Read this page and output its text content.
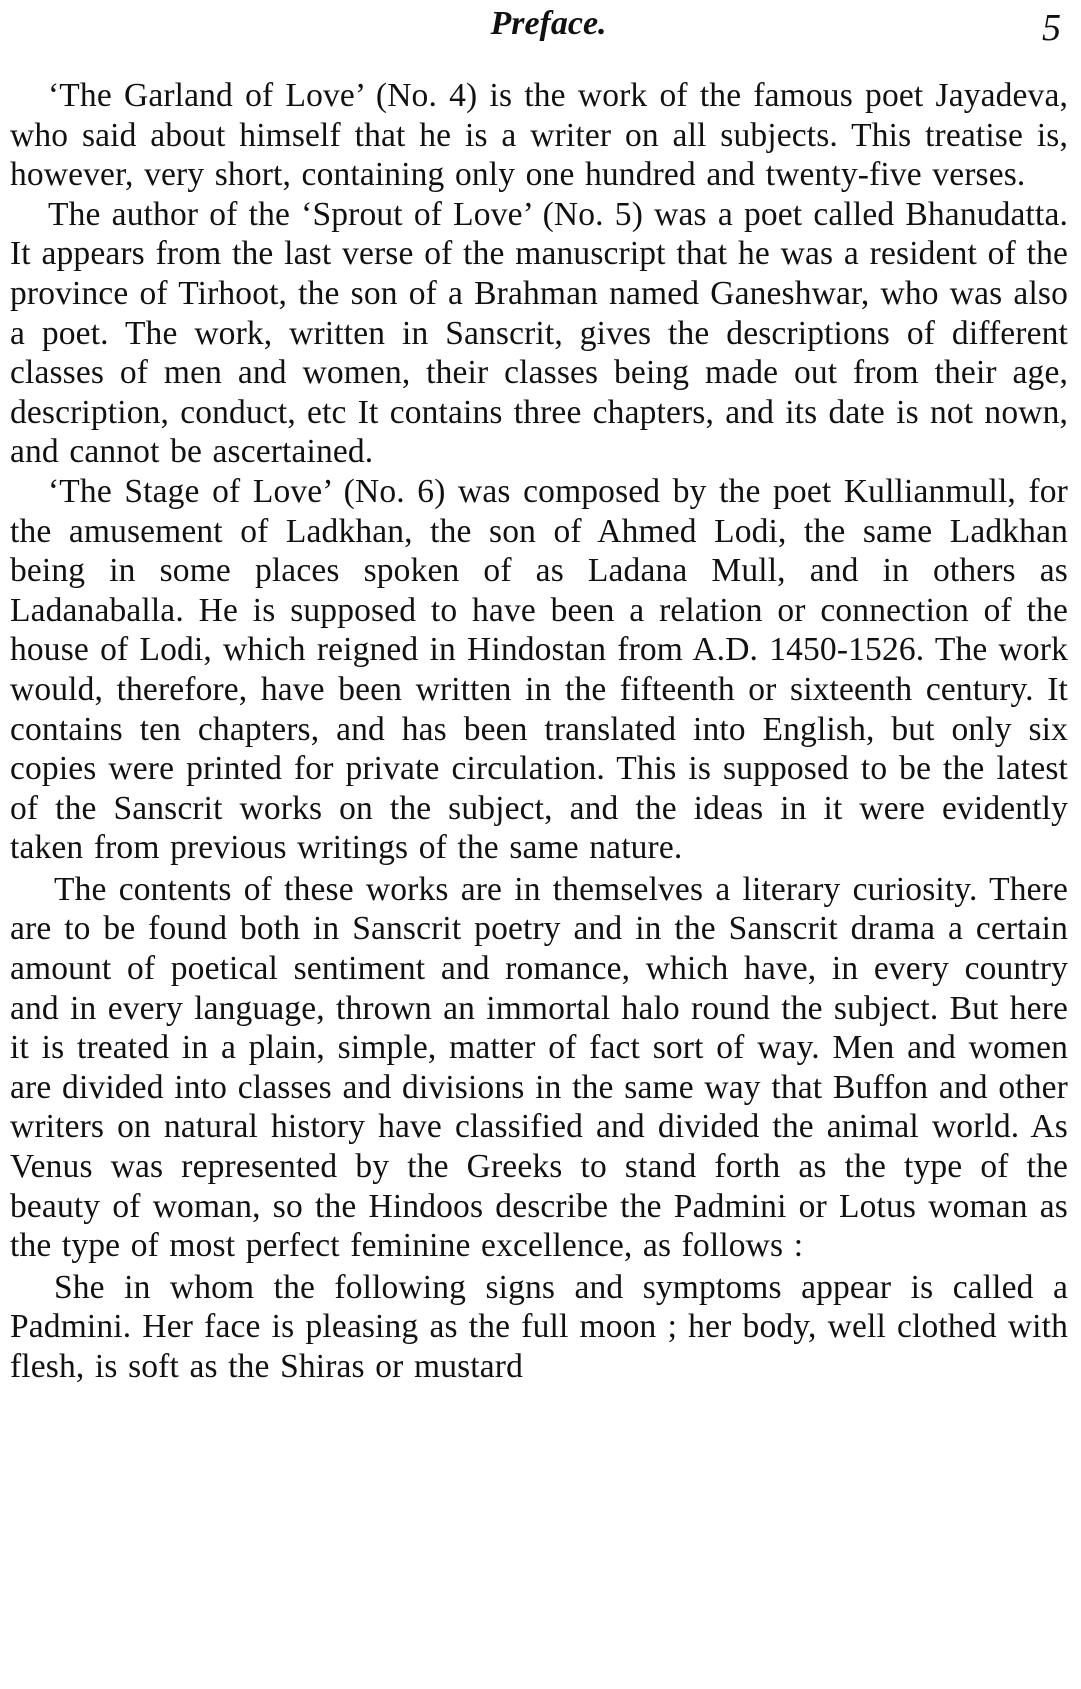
Preface.	5

‘The Garland of Love’ (No. 4) is the work of the famous poet Jayadeva, who said about himself that he is a writer on all subjects. This treatise is, however, very short, containing only one hundred and twenty-five verses.

The author of the ‘Sprout of Love’ (No. 5) was a poet called Bhanudatta. It appears from the last verse of the manuscript that he was a resident of the province of Tirhoot, the son of a Brahman named Ganeshwar, who was also a poet. The work, written in Sanscrit, gives the descriptions of different classes of men and women, their classes being made out from their age, description, conduct, etc It contains three chapters, and its date is not nown, and cannot be ascertained.

‘The Stage of Love’ (No. 6) was composed by the poet Kullianmull, for the amusement of Ladkhan, the son of Ahmed Lodi, the same Ladkhan being in some places spoken of as Ladana Mull, and in others as Ladanaballa. He is supposed to have been a relation or connection of the house of Lodi, which reigned in Hindostan from A.D. 1450-1526. The work would, therefore, have been written in the fifteenth or sixteenth century. It contains ten chapters, and has been translated into English, but only six copies were printed for private circulation. This is supposed to be the latest of the Sanscrit works on the subject, and the ideas in it were evidently taken from previous writings of the same nature.

The contents of these works are in themselves a literary curiosity. There are to be found both in Sanscrit poetry and in the Sanscrit drama a certain amount of poetical sentiment and romance, which have, in every country and in every language, thrown an immortal halo round the subject. But here it is treated in a plain, simple, matter of fact sort of way. Men and women are divided into classes and divisions in the same way that Buffon and other writers on natural history have classified and divided the animal world. As Venus was represented by the Greeks to stand forth as the type of the beauty of woman, so the Hindoos describe the Padmini or Lotus woman as the type of most perfect feminine excellence, as follows :

She in whom the following signs and symptoms appear is called a Padmini. Her face is pleasing as the full moon ; her body, well clothed with flesh, is soft as the Shiras or mustard
